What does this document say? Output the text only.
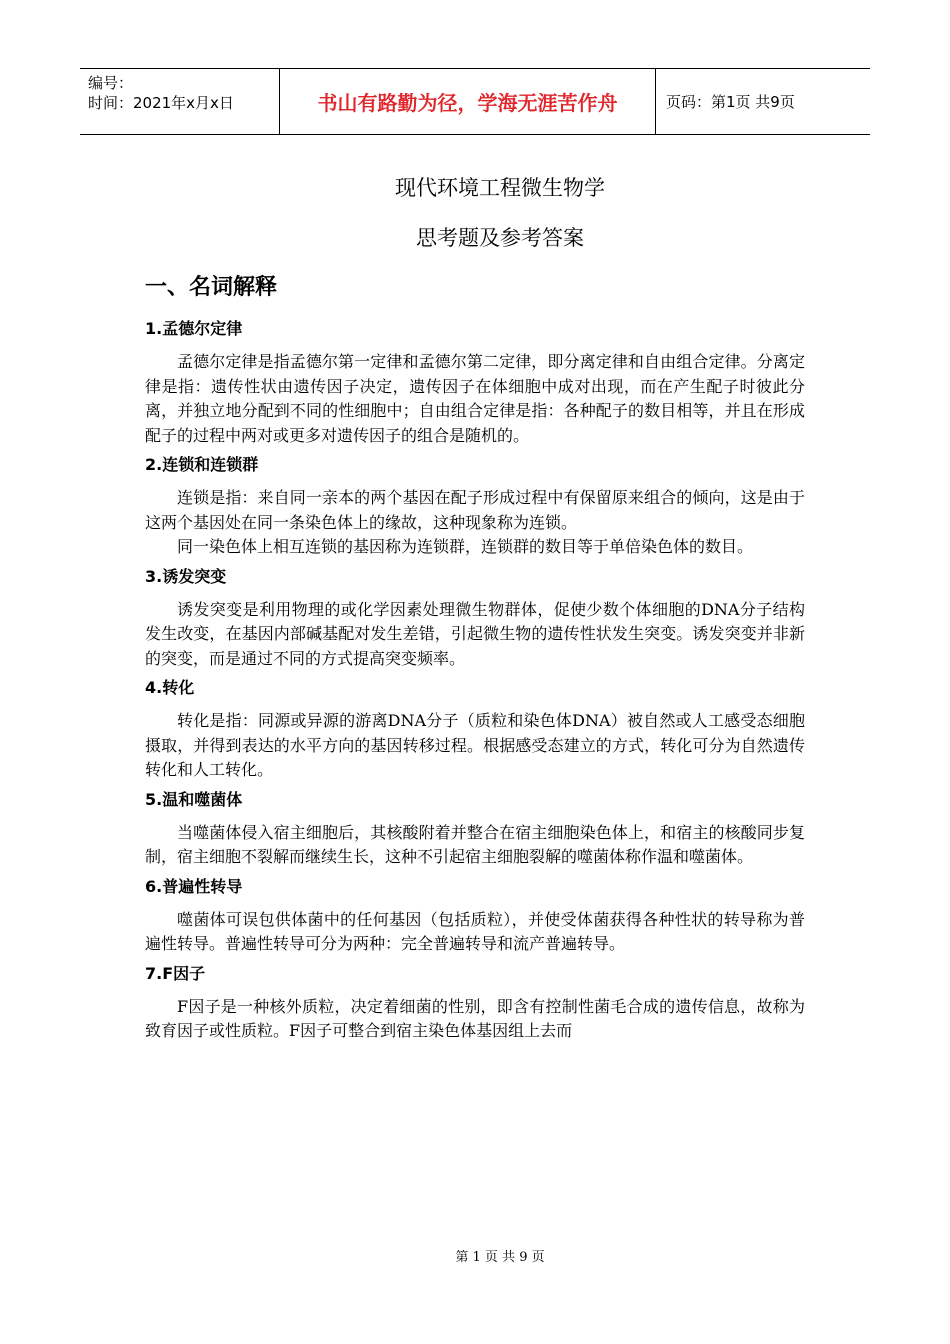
编号：
时间：2021年x月x日	书山有路勤为径，学海无涯苦作舟	页码：第1页 共9页
现代环境工程微生物学
思考题及参考答案
一、名词解释
1.孟德尔定律

孟德尔定律是指孟德尔第一定律和孟德尔第二定律，即分离定律和自由组合定律。分离定律是指：遗传性状由遗传因子决定，遗传因子在体细胞中成对出现，而在产生配子时彼此分离，并独立地分配到不同的性细胞中；自由组合定律是指：各种配子的数目相等，并且在形成配子的过程中两对或更多对遗传因子的组合是随机的。

2.连锁和连锁群

连锁是指：来自同一亲本的两个基因在配子形成过程中有保留原来组合的倾向，这是由于这两个基因处在同一条染色体上的缘故，这种现象称为连锁。

同一染色体上相互连锁的基因称为连锁群，连锁群的数目等于单倍染色体的数目。

3.诱发突变

诱发突变是利用物理的或化学因素处理微生物群体，促使少数个体细胞的DNA分子结构发生改变，在基因内部碱基配对发生差错，引起微生物的遗传性状发生突变。诱发突变并非新的突变，而是通过不同的方式提高突变频率。

4.转化

转化是指：同源或异源的游离DNA分子（质粒和染色体DNA）被自然或人工感受态细胞摄取，并得到表达的水平方向的基因转移过程。根据感受态建立的方式，转化可分为自然遗传转化和人工转化。

5.温和噬菌体

当噬菌体侵入宿主细胞后，其核酸附着并整合在宿主细胞染色体上，和宿主的核酸同步复制，宿主细胞不裂解而继续生长，这种不引起宿主细胞裂解的噬菌体称作温和噬菌体。

6.普遍性转导

噬菌体可误包供体菌中的任何基因（包括质粒），并使受体菌获得各种性状的转导称为普遍性转导。普遍性转导可分为两种：完全普遍转导和流产普遍转导。

7.F因子

F因子是一种核外质粒，决定着细菌的性别，即含有控制性菌毛合成的遗传信息，故称为致育因子或性质粒。F因子可整合到宿主染色体基因组上去而

第 1 页 共 9 页
